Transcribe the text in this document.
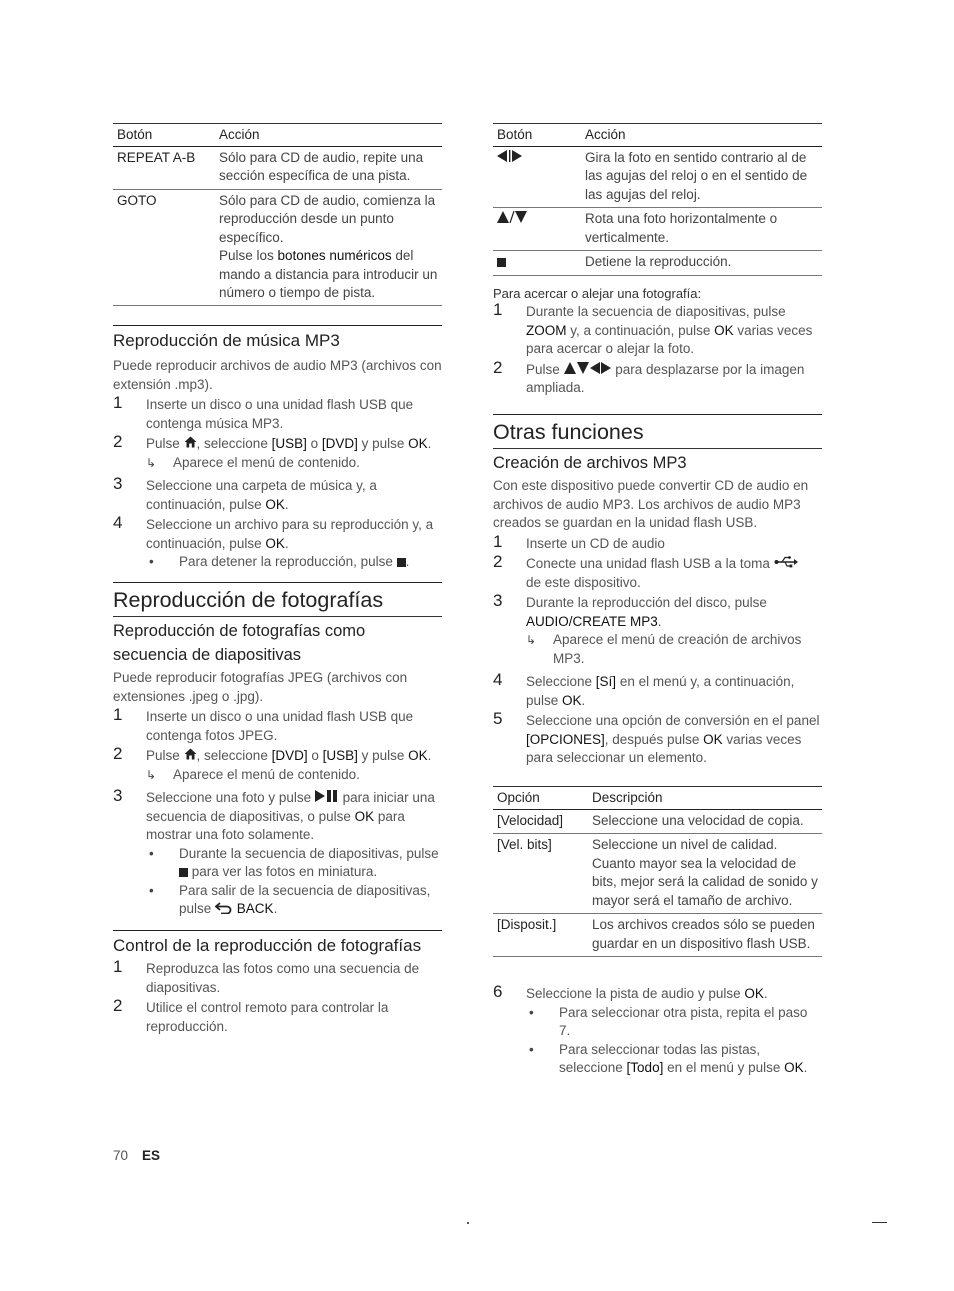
Botón	Acción
REPEAT A-B	Sólo para CD de audio, repite una sección específica de una pista.
GOTO	Sólo para CD de audio, comienza la reproducción desde un punto específico.
Pulse los botones numéricos del mando a distancia para introducir un número o tiempo de pista.
Reproducción de música MP3
Puede reproducir archivos de audio MP3 (archivos con extensión .mp3).
1 Inserte un disco o una unidad flash USB que contenga música MP3.
2 Pulse , seleccione [USB] o [DVD] y pulse OK.
↳ Aparece el menú de contenido.
3 Seleccione una carpeta de música y, a continuación, pulse OK.
4 Seleccione un archivo para su reproducción y, a continuación, pulse OK.
• Para detener la reproducción, pulse .
Reproducción de fotografías
Reproducción de fotografías como secuencia de diapositivas
Puede reproducir fotografías JPEG (archivos con extensiones .jpeg o .jpg).
1 Inserte un disco o una unidad flash USB que contenga fotos JPEG.
2 Pulse , seleccione [DVD] o [USB] y pulse OK.
↳ Aparece el menú de contenido.
3 Seleccione una foto y pulse  para iniciar una secuencia de diapositivas, o pulse OK para mostrar una foto solamente.
• Durante la secuencia de diapositivas, pulse  para ver las fotos en miniatura.
• Para salir de la secuencia de diapositivas, pulse  BACK.
Control de la reproducción de fotografías
1 Reproduzca las fotos como una secuencia de diapositivas.
2 Utilice el control remoto para controlar la reproducción.
Botón	Acción
	Gira la foto en sentido contrario al de las agujas del reloj o en el sentido de las agujas del reloj.
	Rota una foto horizontalmente o verticalmente.
	Detiene la reproducción.
Para acercar o alejar una fotografía:
1 Durante la secuencia de diapositivas, pulse ZOOM y, a continuación, pulse OK varias veces para acercar o alejar la foto.
2 Pulse	para desplazarse por la imagen ampliada.
Otras funciones
Creación de archivos MP3
Con este dispositivo puede convertir CD de audio en archivos de audio MP3. Los archivos de audio MP3 creados se guardan en la unidad flash USB.
1 Inserte un CD de audio
2 Conecte una unidad flash USB a la toma
de este dispositivo.
3 Durante la reproducción del disco, pulse AUDIO/CREATE MP3.
↳ Aparece el menú de creación de archivos MP3.
4 Seleccione [Sí] en el menú y, a continuación, pulse OK.
5 Seleccione una opción de conversión en el panel [OPCIONES], después pulse OK varias veces para seleccionar un elemento.
Opción	Descripción
[Velocidad]	Seleccione una velocidad de copia.
[Vel. bits]	Seleccione un nivel de calidad. Cuanto mayor sea la velocidad de bits, mejor será la calidad de sonido y mayor será el tamaño de archivo.
[Disposit.]	Los archivos creados sólo se pueden guardar en un dispositivo flash USB.
6 Seleccione la pista de audio y pulse OK.
• Para seleccionar otra pista, repita el paso 7.
• Para seleccionar todas las pistas, seleccione [Todo] en el menú y pulse OK.
70 ES
